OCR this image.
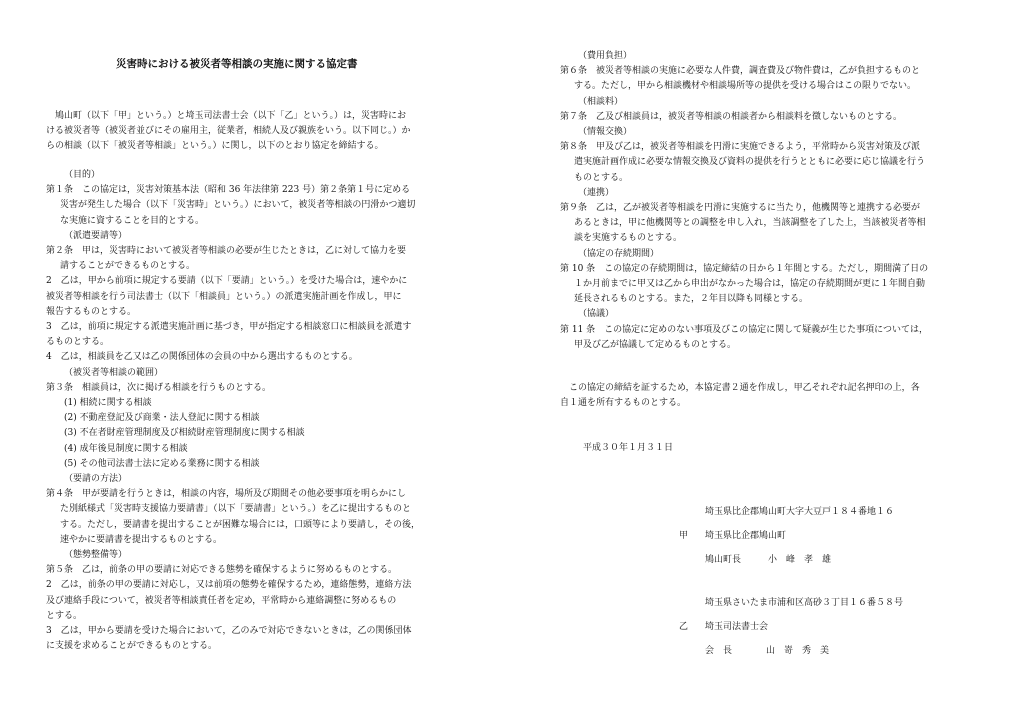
災害時における被災者等相談の実施に関する協定書
鳩山町（以下「甲」という。）と埼玉司法書士会（以下「乙」という。）は，災害時にお
ける被災者等（被災者並びにその雇用主，従業者，相続人及び親族をいう。以下同じ。）か
らの相談（以下「被災者等相談」という。）に関し，以下のとおり協定を締結する。
（目的）
第１条　この協定は，災害対策基本法（昭和 36 年法律第 223 号）第２条第１号に定める
災害が発生した場合（以下「災害時」という。）において，被災者等相談の円滑かつ適切
な実施に資することを目的とする。
（派遣要請等）
第２条　甲は，災害時において被災者等相談の必要が生じたときは，乙に対して協力を要
請することができるものとする。
2　乙は，甲から前項に規定する要請（以下「要請」という。）を受けた場合は，速やかに
被災者等相談を行う司法書士（以下「相談員」という。）の派遣実施計画を作成し，甲に
報告するものとする。
3　乙は，前項に規定する派遣実施計画に基づき，甲が指定する相談窓口に相談員を派遣す
るものとする。
4　乙は，相談員を乙又は乙の関係団体の会員の中から選出するものとする。
（被災者等相談の範囲）
第３条　相談員は，次に掲げる相談を行うものとする。
(1) 相続に関する相談
(2) 不動産登記及び商業・法人登記に関する相談
(3) 不在者財産管理制度及び相続財産管理制度に関する相談
(4) 成年後見制度に関する相談
(5) その他司法書士法に定める業務に関する相談
（要請の方法）
第４条　甲が要請を行うときは，相談の内容，場所及び期間その他必要事項を明らかにし
た別紙様式「災害時支援協力要請書」（以下「要請書」という。）を乙に提出するものと
する。ただし，要請書を提出することが困難な場合には，口頭等により要請し，その後，
速やかに要請書を提出するものとする。
（態勢整備等）
第５条　乙は，前条の甲の要請に対応できる態勢を確保するように努めるものとする。
2　乙は，前条の甲の要請に対応し，又は前項の態勢を確保するため，連絡態勢，連絡方法
及び連絡手段について，被災者等相談責任者を定め，平常時から連絡調整に努めるもの
とする。
3　乙は，甲から要請を受けた場合において，乙のみで対応できないときは，乙の関係団体
に支援を求めることができるものとする。
（費用負担）
第６条　被災者等相談の実施に必要な人件費，調査費及び物件費は，乙が負担するものと
する。ただし，甲から相談機材や相談場所等の提供を受ける場合はこの限りでない。
（相談料）
第７条　乙及び相談員は，被災者等相談の相談者から相談料を徴しないものとする。
（情報交換）
第８条　甲及び乙は，被災者等相談を円滑に実施できるよう，平常時から災害対策及び派
遣実施計画作成に必要な情報交換及び資料の提供を行うとともに必要に応じ協議を行う
ものとする。
（連携）
第９条　乙は，乙が被災者等相談を円滑に実施するに当たり，他機関等と連携する必要が
あるときは，甲に他機関等との調整を申し入れ，当該調整を了した上，当該被災者等相
談を実施するものとする。
（協定の存続期間）
第 10 条　この協定の存続期間は，協定締結の日から１年間とする。ただし，期間満了日の
１か月前までに甲又は乙から申出がなかった場合は，協定の存続期間が更に１年間自動
延長されるものとする。また，２年目以降も同様とする。
（協議）
第 11 条　この協定に定めのない事項及びこの協定に関して疑義が生じた事項については，
甲及び乙が協議して定めるものとする。
この協定の締結を証するため，本協定書２通を作成し，甲乙それぞれ記名押印の上，各
自１通を所有するものとする。
平成３０年１月３１日
埼玉県比企郡鳩山町大字大豆戸１８４番地１６
甲 埼玉県比企郡鳩山町
鳩山町長	小　峰　孝　雄
埼玉県さいたま市浦和区高砂３丁目１６番５８号
乙 埼玉司法書士会
会　長	山　嵜　秀　美
